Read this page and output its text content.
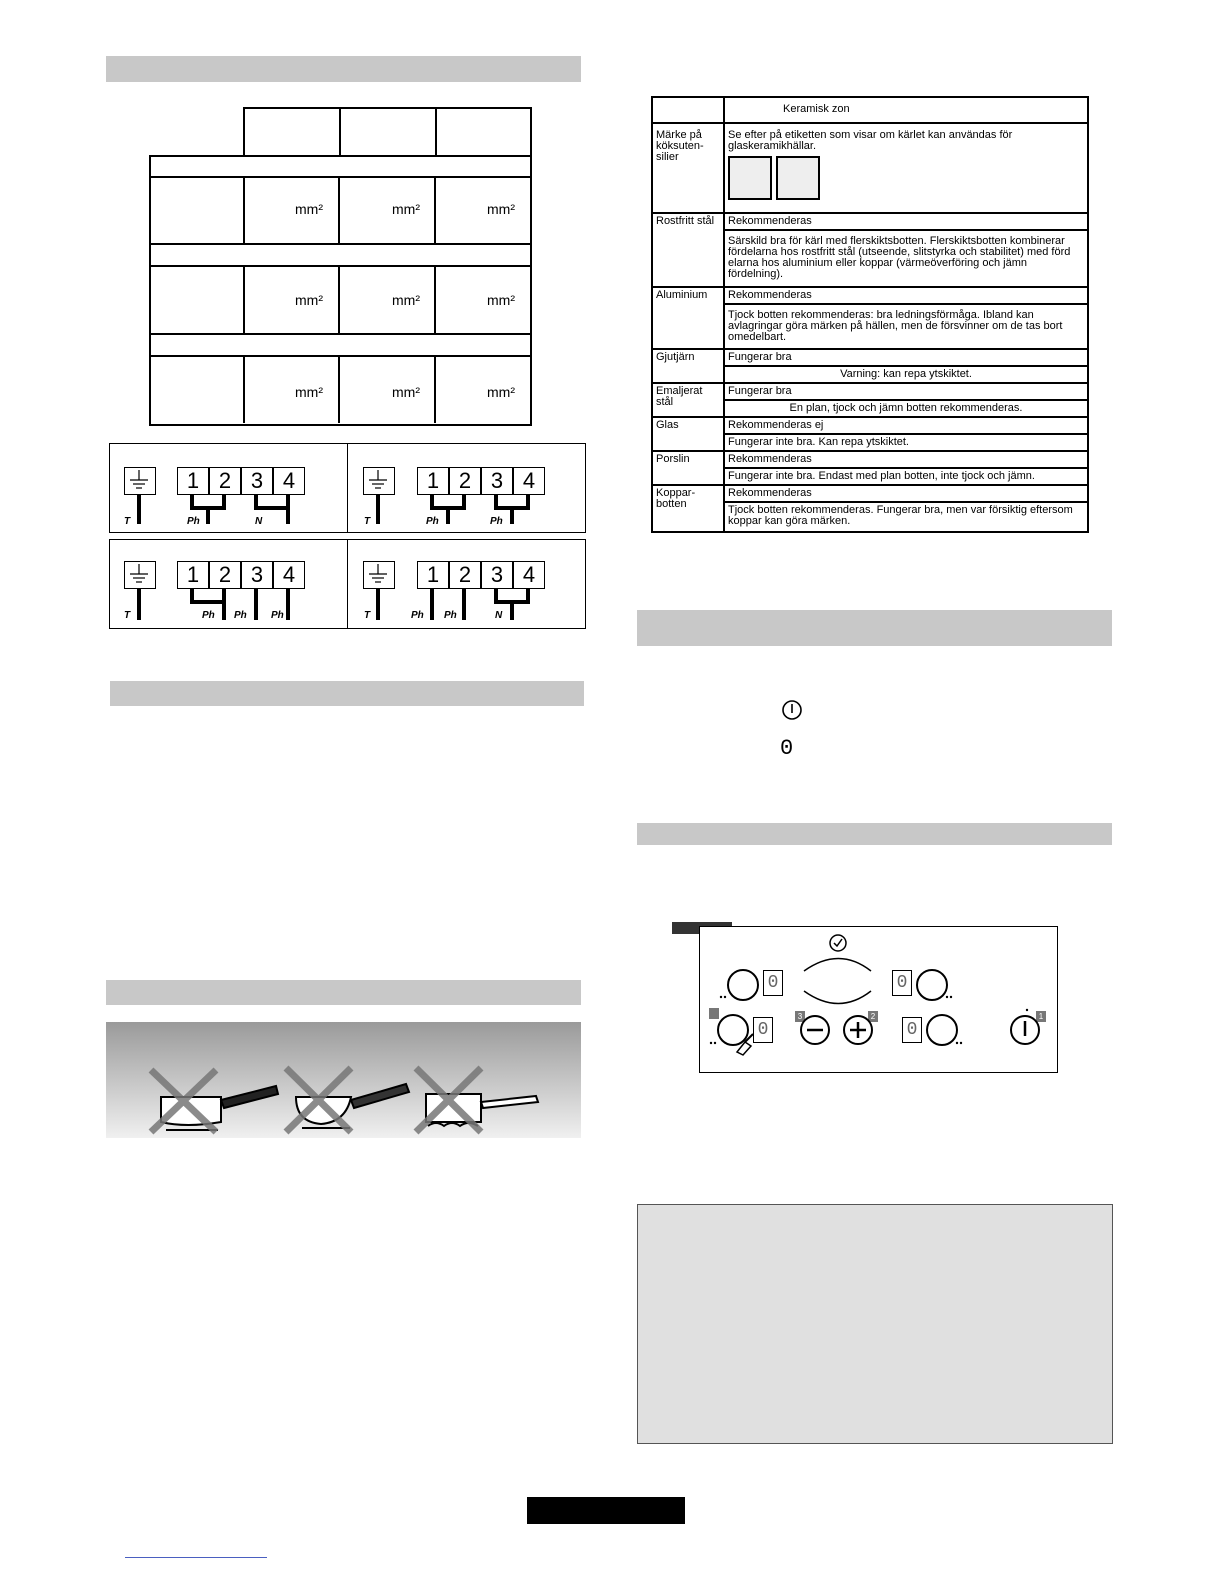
mm²	mm²	mm²
mm²	mm²	mm²
mm²	mm²	mm²
1 2 3 4	1 2 3 4
1 2 3 4	1 2 3 4
T	Ph	N	T	Ph	Ph
T	Ph Ph Ph	T	Ph Ph	N
	Keramisk zon
Märke på köksuten-silier	Se efter på etiketten som visar om kärlet kan användas för glaskeramikhällar.

Rostfritt stål	Rekommenderas
	Särskild bra för kärl med flerskiktsbotten. Flerskiktsbotten kombinerar fördelarna hos rostfritt stål (utseende, slitstyrka och stabilitet) med förd elarna hos aluminium eller koppar (värmeöverföring och jämn fördelning).
Aluminium	Rekommenderas
	Tjock botten rekommenderas: bra ledningsförmåga. Ibland kan avlagringar göra märken på hällen, men de försvinner om de tas bort omedelbart.
Gjutjärn	Fungerar bra
	Varning: kan repa ytskiktet.
Emaljerat stål	Fungerar bra
	En plan, tjock och jämn botten rekommenderas.
Glas	Rekommenderas ej
	Fungerar inte bra. Kan repa ytskiktet.
Porslin	Rekommenderas
	Fungerar inte bra. Endast med plan botten, inte tjock och jämn.
Koppar-botten	Rekommenderas
	Tjock botten rekommenderas. Fungerar bra, men var försiktig eftersom koppar kan göra märken.
0
0	0
0
3	2
0
1
